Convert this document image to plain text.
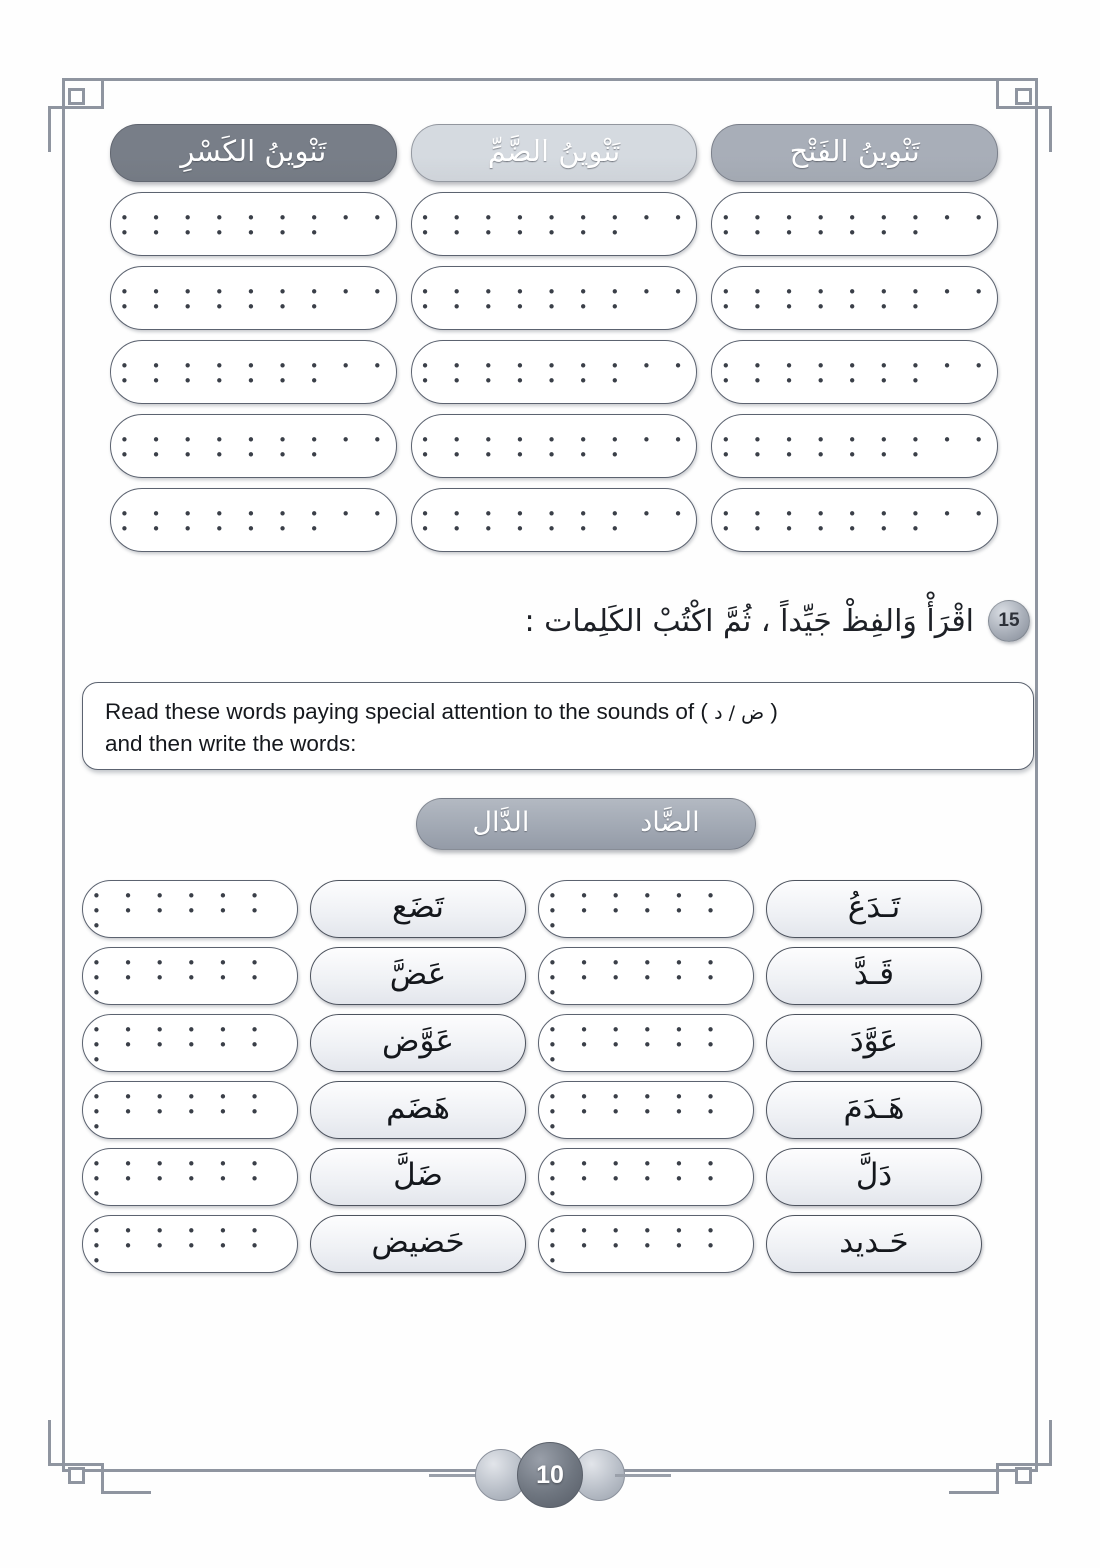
تَنْوينُ الكَسْرِ	تَنْوينُ الضَّمِّ	تَنْوينُ الفَتْح
• • • • • • • • • • • • • • • •
• • • • • • • • • • • • • • • •
• • • • • • • • • • • • • • • •
• • • • • • • • • • • • • • • •
• • • • • • • • • • • • • • • •
• • • • • • • • • • • • • • • •
• • • • • • • • • • • • • • • •
• • • • • • • • • • • • • • • •
• • • • • • • • • • • • • • • •
• • • • • • • • • • • • • • • •
• • • • • • • • • • • • • • • •
• • • • • • • • • • • • • • • •
• • • • • • • • • • • • • • • •
• • • • • • • • • • • • • • • •
• • • • • • • • • • • • • • • •
15
اقْرَأْ وَالفِظْ جَيِّداً ، ثُمَّ اكْتُبْ الكَلِمات :
Read these words paying special attention to the sounds of ( ض / د )
and then write the words:
الضَّاد
الدَّال
• • • • • • • • • • • • •
• • • • • • • • • • • • •
• • • • • • • • • • • • •
• • • • • • • • • • • • •
• • • • • • • • • • • • •
• • • • • • • • • • • • •
تَضَع
عَضَّ
عَوَّض
هَضَم
ضَلَّ
حَضيض
• • • • • • • • • • • • •
• • • • • • • • • • • • •
• • • • • • • • • • • • •
• • • • • • • • • • • • •
• • • • • • • • • • • • •
• • • • • • • • • • • • •
تَـدَعُ
قَـدَّ
عَوَّدَ
هَـدَمَ
دَلَّ
حَـديد
10
